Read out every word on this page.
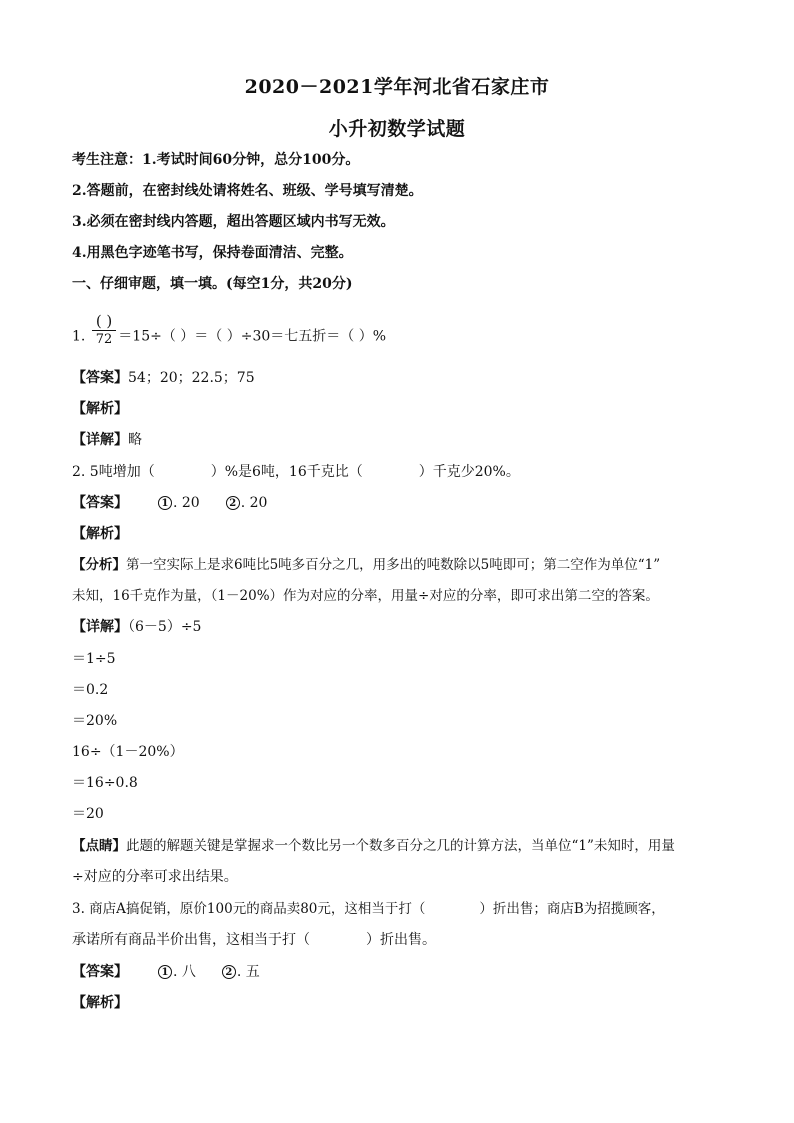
2020－2021学年河北省石家庄市
小升初数学试题
考生注意：1.考试时间60分钟，总分100分。
2.答题前，在密封线处请将姓名、班级、学号填写清楚。
3.必须在密封线内答题，超出答题区域内书写无效。
4.用黑色字迹笔书写，保持卷面清洁、完整。
一、仔细审题，填一填。(每空1分，共20分)
1. $\frac{( )}{72} =15\div$（ ）＝（ ）÷30＝七五折＝（ ）%
【答案】54；20；22.5；75
【解析】
【详解】略
2. 5吨增加（　　　　）%是6吨，16千克比（　　　　）千克少20%。
【答案】	1 . 20	2 . 20
【解析】
【分析】第一空实际上是求6吨比5吨多百分之几，用多出的吨数除以5吨即可；第二空作为单位“1”
未知，16千克作为量，（1－20%）作为对应的分率，用量÷对应的分率，即可求出第二空的答案。
【详解】（6－5）÷5
＝1÷5
＝0.2
＝20%
16÷（1－20%）
＝16÷0.8
＝20
【点睛】此题的解题关键是掌握求一个数比另一个数多百分之几的计算方法，当单位“1”未知时，用量
÷对应的分率可求出结果。
3. 商店A搞促销，原价100元的商品卖80元，这相当于打（　　　　）折出售；商店B为招揽顾客，
承诺所有商品半价出售，这相当于打（　　　　）折出售。
【答案】	1 . 八	2 . 五
【解析】
